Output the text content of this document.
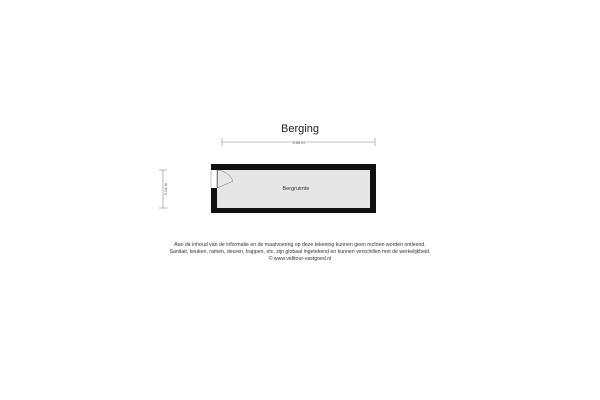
Berging
3.65 m
2.04 m	Bergruimte
Aan de inhoud van de informatie en de maatvoering op deze tekening kunnen geen rechten worden ontleend.
Sanitair, keuken, ramen, deuren, trappen, etc. zijn globaal ingetekend en kunnen verschillen met de werkelijkheid.
© www.viditour-vastgoed.nl
